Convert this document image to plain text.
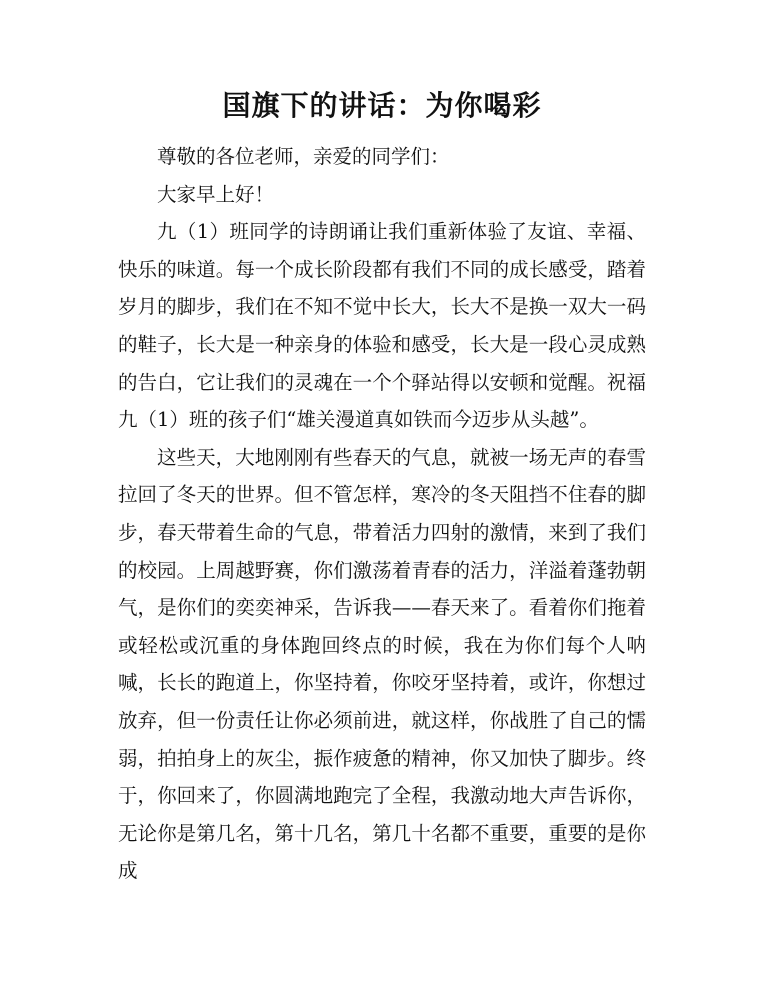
国旗下的讲话：为你喝彩

尊敬的各位老师，亲爱的同学们：

大家早上好！

九（1）班同学的诗朗诵让我们重新体验了友谊、幸福、快乐的味道。每一个成长阶段都有我们不同的成长感受，踏着岁月的脚步，我们在不知不觉中长大，长大不是换一双大一码的鞋子，长大是一种亲身的体验和感受，长大是一段心灵成熟的告白，它让我们的灵魂在一个个驿站得以安顿和觉醒。祝福九（1）班的孩子们“雄关漫道真如铁而今迈步从头越”。

这些天，大地刚刚有些春天的气息，就被一场无声的春雪拉回了冬天的世界。但不管怎样，寒冷的冬天阻挡不住春的脚步，春天带着生命的气息，带着活力四射的激情，来到了我们的校园。上周越野赛，你们激荡着青春的活力，洋溢着蓬勃朝气，是你们的奕奕神采，告诉我——春天来了。看着你们拖着或轻松或沉重的身体跑回终点的时候，我在为你们每个人呐喊，长长的跑道上，你坚持着，你咬牙坚持着，或许，你想过放弃，但一份责任让你必须前进，就这样，你战胜了自己的懦弱，拍拍身上的灰尘，振作疲惫的精神，你又加快了脚步。终于，你回来了，你圆满地跑完了全程，我激动地大声告诉你，无论你是第几名，第十几名，第几十名都不重要，重要的是你成
